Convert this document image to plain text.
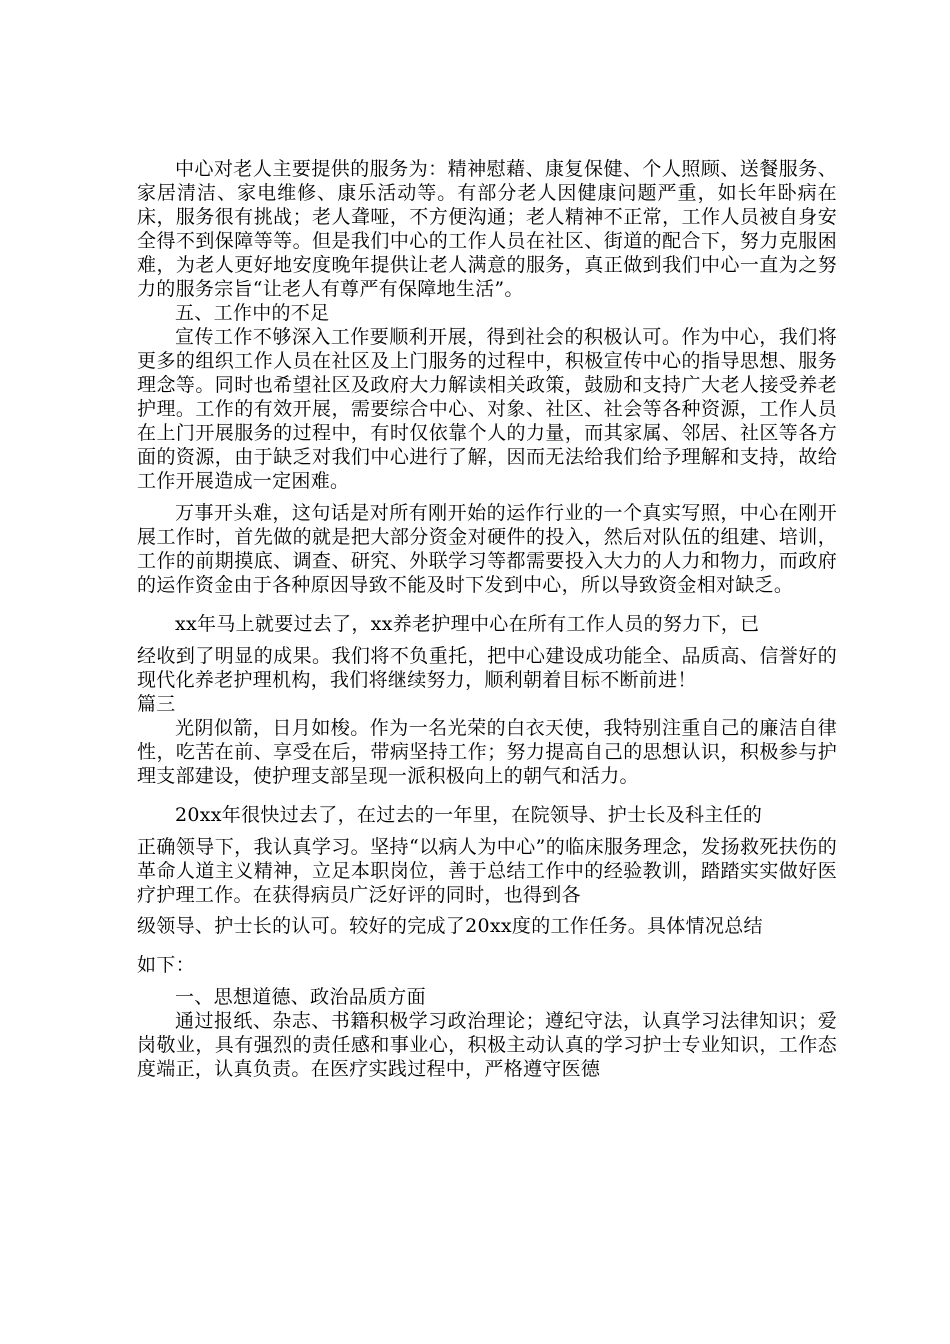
中心对老人主要提供的服务为：精神慰藉、康复保健、个人照顾、送餐服务、家居清洁、家电维修、康乐活动等。有部分老人因健康问题严重，如长年卧病在床，服务很有挑战；老人聋哑，不方便沟通；老人精神不正常，工作人员被自身安全得不到保障等等。但是我们中心的工作人员在社区、街道的配合下，努力克服困难，为老人更好地安度晚年提供让老人满意的服务，真正做到我们中心一直为之努力的服务宗旨“让老人有尊严有保障地生活”。

五、工作中的不足

宣传工作不够深入工作要顺利开展，得到社会的积极认可。作为中心，我们将更多的组织工作人员在社区及上门服务的过程中，积极宣传中心的指导思想、服务理念等。同时也希望社区及政府大力解读相关政策，鼓励和支持广大老人接受养老护理。工作的有效开展，需要综合中心、对象、社区、社会等各种资源，工作人员在上门开展服务的过程中，有时仅依靠个人的力量，而其家属、邻居、社区等各方面的资源，由于缺乏对我们中心进行了解，因而无法给我们给予理解和支持，故给工作开展造成一定困难。

万事开头难，这句话是对所有刚开始的运作行业的一个真实写照，中心在刚开展工作时，首先做的就是把大部分资金对硬件的投入，然后对队伍的组建、培训，工作的前期摸底、调查、研究、外联学习等都需要投入大力的人力和物力，而政府的运作资金由于各种原因导致不能及时下发到中心，所以导致资金相对缺乏。

xx年马上就要过去了，xx养老护理中心在所有工作人员的努力下，已

经收到了明显的成果。我们将不负重托，把中心建设成功能全、品质高、信誉好的现代化养老护理机构，我们将继续努力，顺利朝着目标不断前进！

篇三

光阴似箭，日月如梭。作为一名光荣的白衣天使，我特别注重自己的廉洁自律性，吃苦在前、享受在后，带病坚持工作；努力提高自己的思想认识，积极参与护理支部建设，使护理支部呈现一派积极向上的朝气和活力。

20xx年很快过去了，在过去的一年里，在院领导、护士长及科主任的

正确领导下，我认真学习。坚持“以病人为中心”的临床服务理念，发扬救死扶伤的革命人道主义精神，立足本职岗位，善于总结工作中的经验教训，踏踏实实做好医疗护理工作。在获得病员广泛好评的同时，也得到各

级领导、护士长的认可。较好的完成了20xx度的工作任务。具体情况总结
如下：

一、思想道德、政治品质方面

通过报纸、杂志、书籍积极学习政治理论；遵纪守法，认真学习法律知识；爱岗敬业，具有强烈的责任感和事业心，积极主动认真的学习护士专业知识，工作态度端正，认真负责。在医疗实践过程中，严格遵守医德
